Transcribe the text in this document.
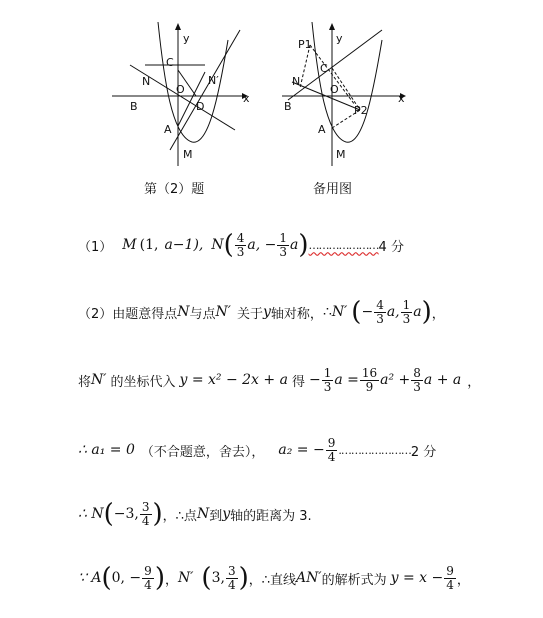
y
x
C
N	N′
O
B	D
A
M
第（2）题
y
x
P1
C
N
O
B	P2
A
M
备用图
（1） M (1, a−1), N ( $\frac{4}{3} a$, − $\frac{1}{3}$ a ) ………………… 4 分
（2）由题意得点 N 与点 N′ 关于 y 轴对称， ∴ N′ ( − $\frac{4}{3} a$, $\frac{1}{3}$ a ) ，
将 N′ 的坐标代入 y = x² − 2x + a 得 − $\frac{1}{3}$ $a = \frac{16}{9} a^2 + \frac{8}{3}$ a + a ，
∴ a₁ = 0 （不合题意，舍去）， a₂ = − $\frac{9}{4}$ .………………… 2 分
∴ N ( −3, $\frac{3}{4}$ ) ，∴点 N 到 y 轴的距离为 3.
∵ A ( 0, − $\frac{9}{4}$ ) ， N′ ( 3, $\frac{3}{4}$ ) ，∴直线 AN′ 的解析式为 $y = x - \frac{9}{4}$ ，
